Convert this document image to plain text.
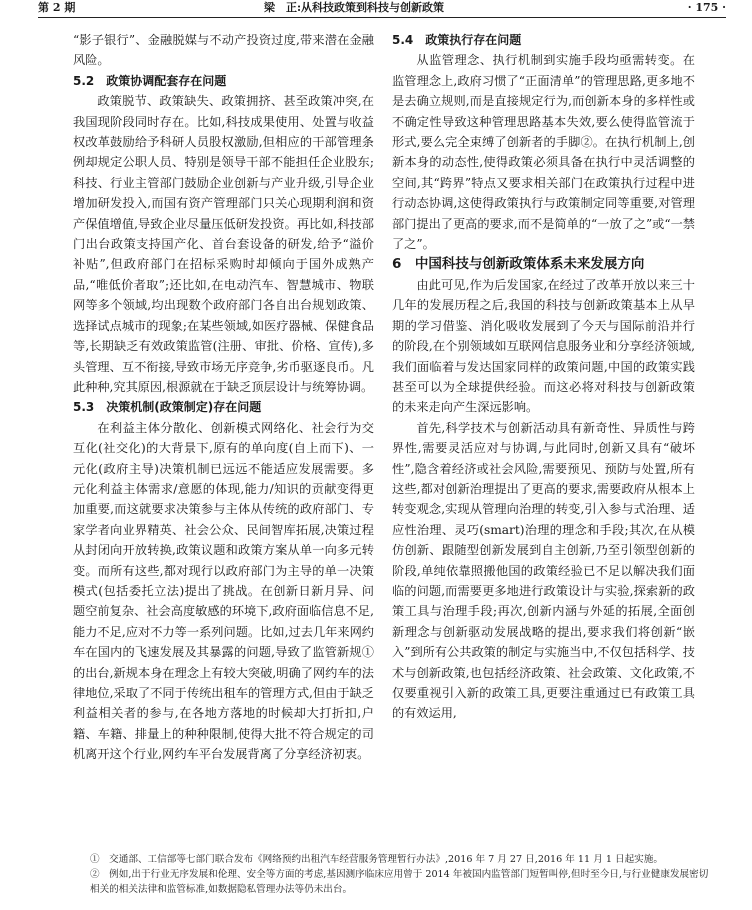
第 2 期	梁　正:从科技政策到科技与创新政策	· 175 ·

“影子银行”、金融脱媒与不动产投资过度,带来潜在金融风险。

5.2　政策协调配套存在问题

政策脱节、政策缺失、政策拥挤、甚至政策冲突,在我国现阶段同时存在。比如,科技成果使用、处置与收益权改革鼓励给予科研人员股权激励,但相应的干部管理条例却规定公职人员、特别是领导干部不能担任企业股东;科技、行业主管部门鼓励企业创新与产业升级,引导企业增加研发投入,而国有资产管理部门只关心现期利润和资产保值增值,导致企业尽量压低研发投资。再比如,科技部门出台政策支持国产化、首台套设备的研发,给予“溢价补贴”,但政府部门在招标采购时却倾向于国外成熟产品,“唯低价者取”;还比如,在电动汽车、智慧城市、物联网等多个领域,均出现数个政府部门各自出台规划政策、选择试点城市的现象;在某些领域,如医疗器械、保健食品等,长期缺乏有效政策监管(注册、审批、价格、宣传),多头管理、互不衔接,导致市场无序竞争,劣币驱逐良币。凡此种种,究其原因,根源就在于缺乏顶层设计与统筹协调。

5.3　决策机制(政策制定)存在问题

在利益主体分散化、创新模式网络化、社会行为交互化(社交化)的大背景下,原有的单向度(自上而下)、一元化(政府主导)决策机制已远远不能适应发展需要。多元化利益主体需求/意愿的体现,能力/知识的贡献变得更加重要,而这就要求决策参与主体从传统的政府部门、专家学者向业界精英、社会公众、民间智库拓展,决策过程从封闭向开放转换,政策议题和政策方案从单一向多元转变。而所有这些,都对现行以政府部门为主导的单一决策模式(包括委托立法)提出了挑战。在创新日新月异、问题空前复杂、社会高度敏感的环境下,政府面临信息不足,能力不足,应对不力等一系列问题。比如,过去几年来网约车在国内的飞速发展及其暴露的问题,导致了监管新规①的出台,新规本身在理念上有较大突破,明确了网约车的法律地位,采取了不同于传统出租车的管理方式,但由于缺乏利益相关者的参与,在各地方落地的时候却大打折扣,户籍、车籍、排量上的种种限制,使得大批不符合规定的司机离开这个行业,网约车平台发展背离了分享经济初衷。

5.4　政策执行存在问题

从监管理念、执行机制到实施手段均亟需转变。在监管理念上,政府习惯了“正面清单”的管理思路,更多地不是去确立规则,而是直接规定行为,而创新本身的多样性或不确定性导致这种管理思路基本失效,要么使得监管流于形式,要么完全束缚了创新者的手脚②。在执行机制上,创新本身的动态性,使得政策必须具备在执行中灵活调整的空间,其“跨界”特点又要求相关部门在政策执行过程中进行动态协调,这使得政策执行与政策制定同等重要,对管理部门提出了更高的要求,而不是简单的“一放了之”或“一禁了之”。

6　中国科技与创新政策体系未来发展方向

由此可见,作为后发国家,在经过了改革开放以来三十几年的发展历程之后,我国的科技与创新政策基本上从早期的学习借鉴、消化吸收发展到了今天与国际前沿并行的阶段,在个别领域如互联网信息服务业和分享经济领域,我们面临着与发达国家同样的政策问题,中国的政策实践甚至可以为全球提供经验。而这必将对科技与创新政策的未来走向产生深远影响。

首先,科学技术与创新活动具有新奇性、异质性与跨界性,需要灵活应对与协调,与此同时,创新又具有“破坏性”,隐含着经济或社会风险,需要预见、预防与处置,所有这些,都对创新治理提出了更高的要求,需要政府从根本上转变观念,实现从管理向治理的转变,引入参与式治理、适应性治理、灵巧(smart)治理的理念和手段;其次,在从模仿创新、跟随型创新发展到自主创新,乃至引领型创新的阶段,单纯依靠照搬他国的政策经验已不足以解决我们面临的问题,而需要更多地进行政策设计与实验,探索新的政策工具与治理手段;再次,创新内涵与外延的拓展,全面创新理念与创新驱动发展战略的提出,要求我们将创新“嵌入”到所有公共政策的制定与实施当中,不仅包括科学、技术与创新政策,也包括经济政策、社会政策、文化政策,不仅要重视引入新的政策工具,更要注重通过已有政策工具的有效运用,

①　交通部、工信部等七部门联合发布《网络预约出租汽车经营服务管理暂行办法》,2016 年 7 月 27 日,2016 年 11 月 1 日起实施。
②　例如,出于行业无序发展和伦理、安全等方面的考虑,基因测序临床应用曾于 2014 年被国内监管部门短暂叫停,但时至今日,与行业健康发展密切相关的相关法律和监管标准,如数据隐私管理办法等仍未出台。
